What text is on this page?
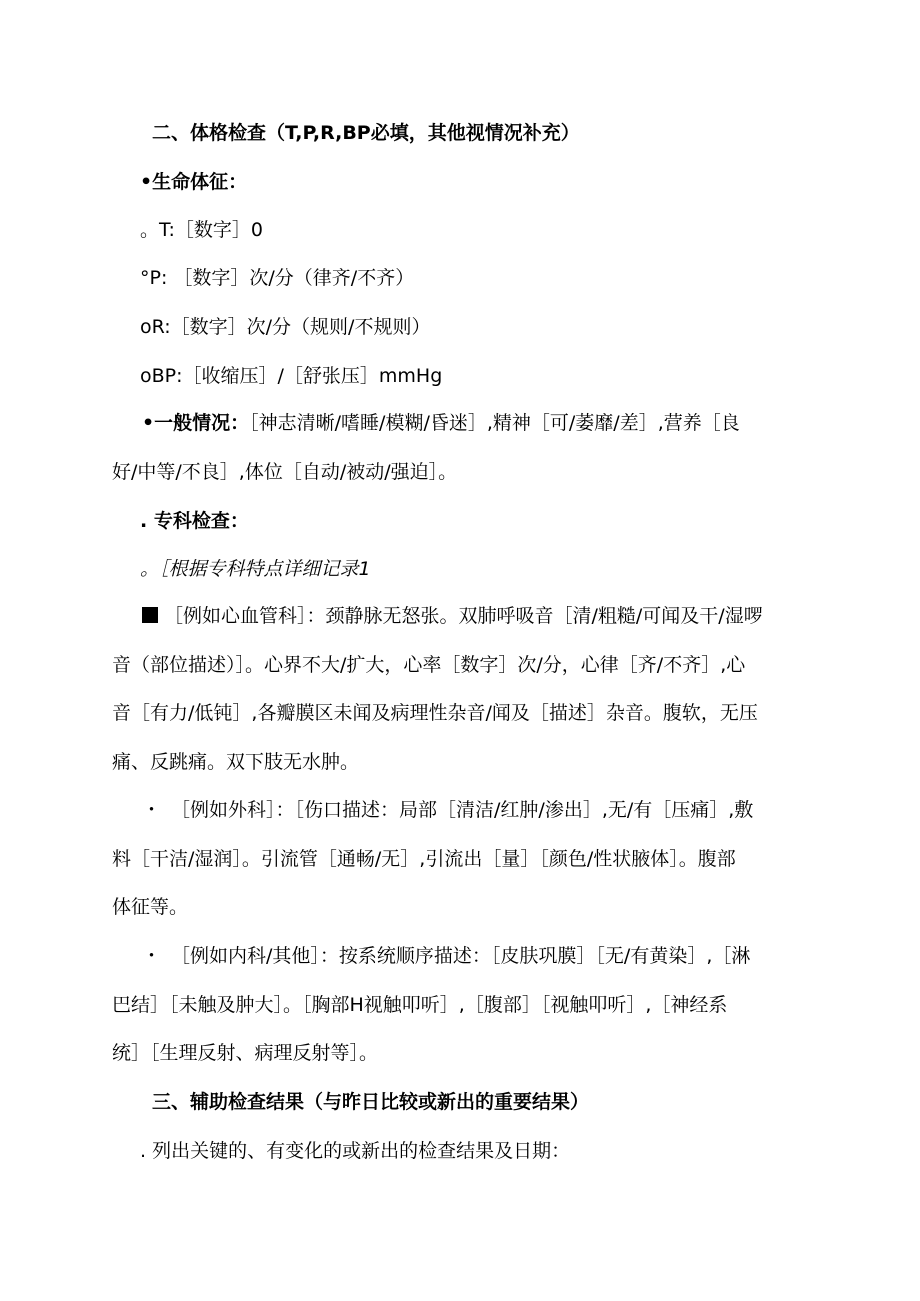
二、体格检查（T,P,R,BP必填，其他视情况补充）
•生命体征：
。T:［数字］0
°P: ［数字］次/分（律齐/不齐）
oR:［数字］次/分（规则/不规则）
oBP:［收缩压］/［舒张压］mmHg
•一般情况：［神志清晰/嗜睡/模糊/昏迷］,精神［可/萎靡/差］,营养［良
好/中等/不良］,体位［自动/被动/强迫］。
. 专科检查：
。［根据专科特点详细记录1
［例如心血管科］：颈静脉无怒张。双肺呼吸音［清/粗糙/可闻及干/湿啰
音（部位描述）］。心界不大/扩大，心率［数字］次/分，心律［齐/不齐］,心
音［有力/低钝］,各瓣膜区未闻及病理性杂音/闻及［描述］杂音。腹软，无压
痛、反跳痛。双下肢无水肿。
・ ［例如外科］：［伤口描述：局部［清洁/红肿/渗出］,无/有［压痛］,敷
料［干洁/湿润］。引流管［通畅/无］,引流出［量］［颜色/性状腋体］。腹部
体征等。
・ ［例如内科/其他］：按系统顺序描述：［皮肤巩膜］［无/有黄染］,［淋
巴结］［未触及肿大］。［胸部H视触叩听］,［腹部］［视触叩听］,［神经系
统］［生理反射、病理反射等］。
三、辅助检查结果（与昨日比较或新出的重要结果）
. 列出关键的、有变化的或新出的检查结果及日期：
